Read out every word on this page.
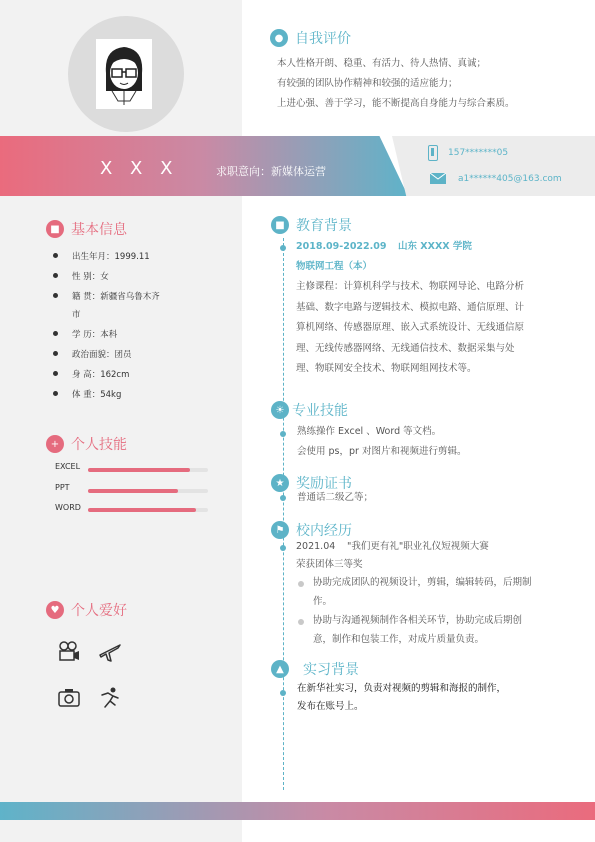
X X X	求职意向：新媒体运营
157*******05
a1******405@163.com
● 自我评价
本人性格开朗、稳重、有活力、待人热情、真诚；
有较强的团队协作精神和较强的适应能力；
上进心强、善于学习，能不断提高自身能力与综合素质。
■ 基本信息
出生年月：1999.11
性 别：女
籍 贯：新疆省乌鲁木齐
市
学 历：本科
政治面貌：团员
身 高：162cm
体 重：54kg
+ 个人技能
EXCEL
PPT
WORD
♥ 个人爱好
■ 教育背景
2018.09-2022.09 山东 XXXX 学院
物联网工程（本）
主修课程：计算机科学与技术、物联网导论、电路分析
基础、数字电路与逻辑技术、模拟电路、通信原理、计
算机网络、传感器原理、嵌入式系统设计、无线通信原
理、无线传感器网络、无线通信技术、数据采集与处
理、物联网安全技术、物联网组网技术等。
☀ 专业技能
熟练操作 Excel 、Word 等文档。
会使用 ps，pr 对图片和视频进行剪辑。
★ 奖励证书
普通话二级乙等；
⚑ 校内经历
2021.04 "我们更有礼"职业礼仪短视频大赛
荣获团体三等奖
协助完成团队的视频设计，剪辑，编辑转码，后期制
作。
协助与沟通视频制作各相关环节，协助完成后期创
意，制作和包装工作，对成片质量负责。
▲	实习背景
在新华社实习，负责对视频的剪辑和海报的制作，
发布在账号上。
